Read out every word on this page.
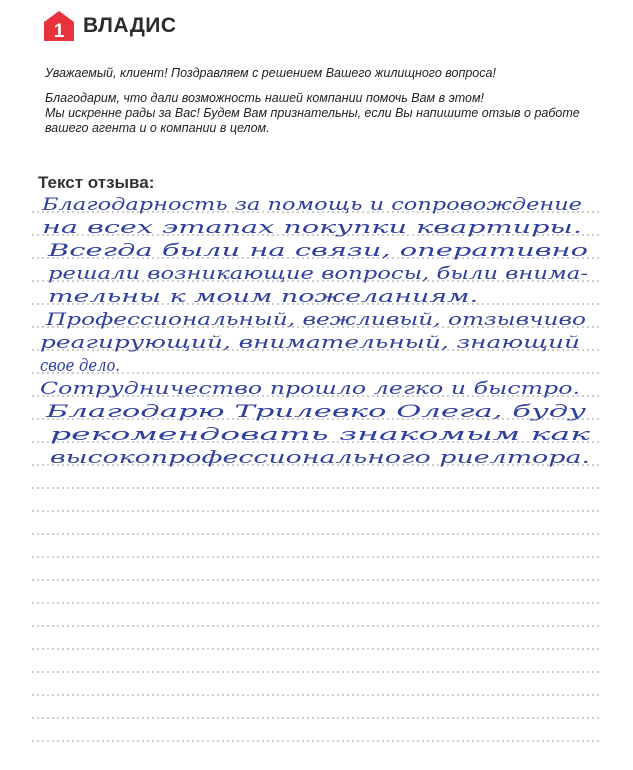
1 ВЛАДИС

Уважаемый, клиент! Поздравляем с решением Вашего жилищного вопроса!

Благодарим, что дали возможность нашей компании помочь Вам в этом!

Мы искренне рады за Вас! Будем Вам признательны, если Вы напишите отзыв о работе

вашего агента и о компании в целом.

Текст отзыва:
Благодарность за помощь и сопровождение
на всех этапах покупки квартиры.
Всегда были на связи, оперативно
решали возникающие вопросы, были внима-
тельны к моим пожеланиям.
Профессиональный, вежливый, отзывчиво
реагирующий, внимательный, знающий
свое дело.
Сотрудничество прошло легко и быстро.
Благодарю Трилевко Олега, буду
рекомендовать знакомым как
высокопрофессионального риелтора.
